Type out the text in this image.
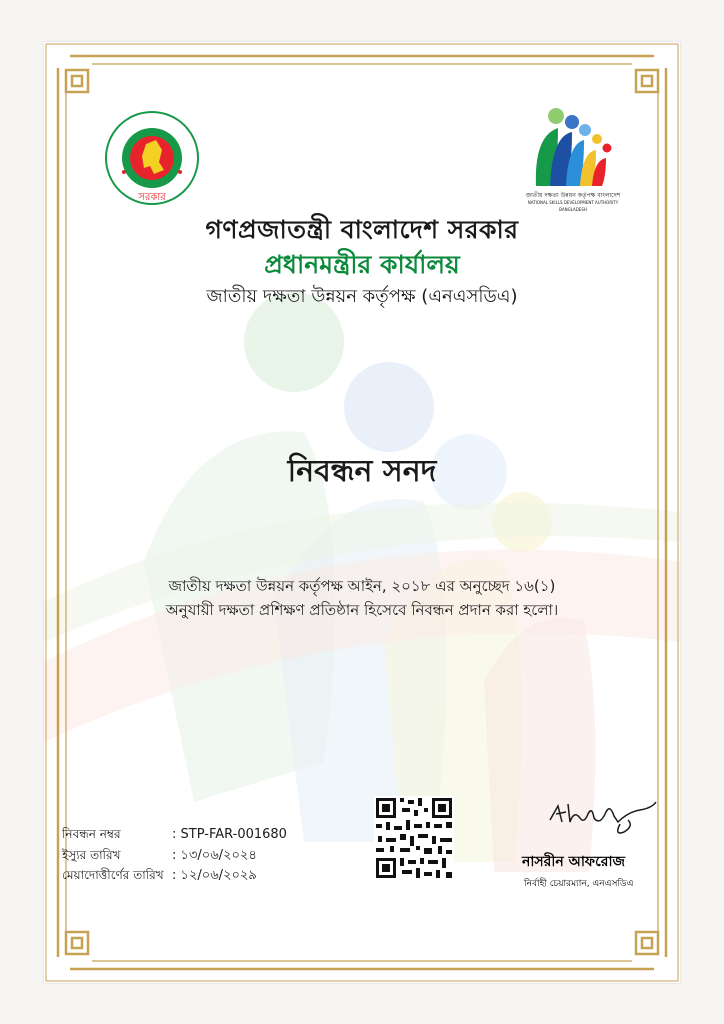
সরকার	জাতীয় দক্ষতা উন্নয়ন কর্তৃপক্ষ বাংলাদেশ
NATIONAL SKILLS DEVELOPMENT AUTHORITY BANGLADESH
গণপ্রজাতন্ত্রী বাংলাদেশ সরকার
প্রধানমন্ত্রীর কার্যালয়
জাতীয় দক্ষতা উন্নয়ন কর্তৃপক্ষ (এনএসডিএ)
নিবন্ধন সনদ
জাতীয় দক্ষতা উন্নয়ন কর্তৃপক্ষ আইন, ২০১৮ এর অনুচ্ছেদ ১৬(১)
অনুযায়ী দক্ষতা প্রশিক্ষণ প্রতিষ্ঠান হিসেবে নিবন্ধন প্রদান করা হলো।
নিবন্ধন নম্বর	: STP-FAR-001680
ইস্যুর তারিখ	: ১৩/০৬/২০২৪
মেয়াদোত্তীর্ণের তারিখ : ১২/০৬/২০২৯
নাসরীন আফরোজ
নির্বাহী চেয়ারম্যান, এনএসডিএ
